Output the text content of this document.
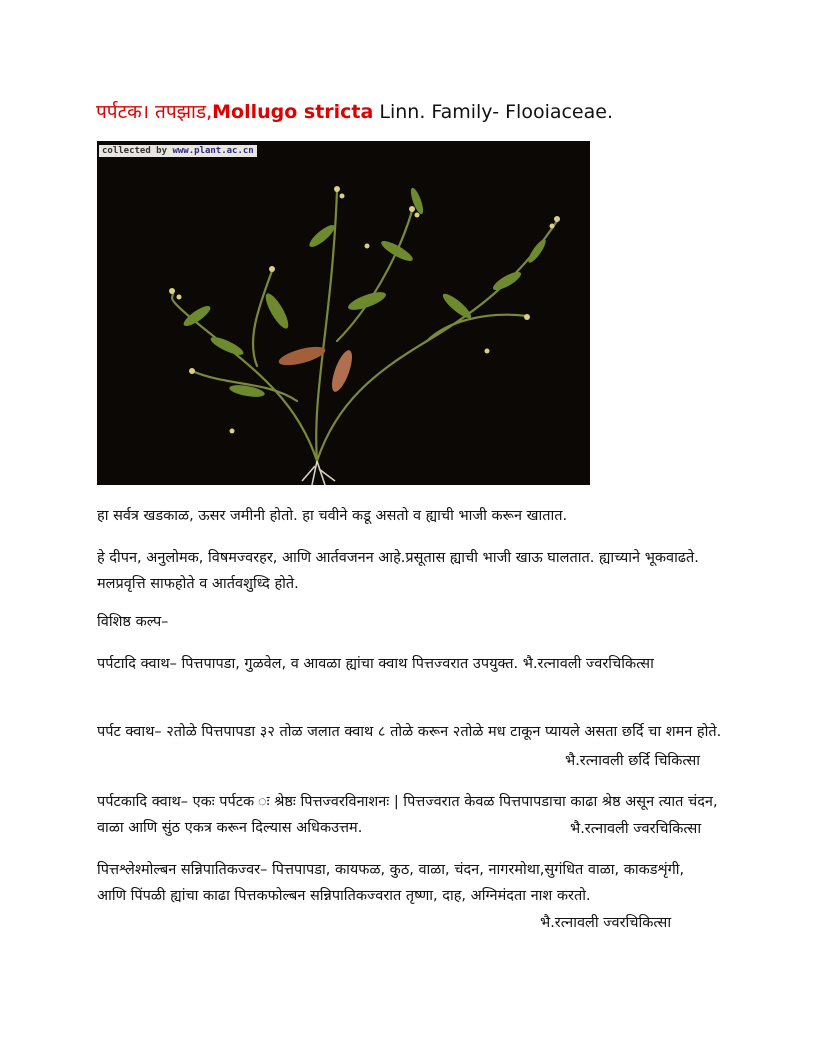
पर्पटक। तपझाड,Mollugo stricta Linn. Family- Flooiaceae.
collected by www.plant.ac.cn

हा सर्वत्र खडकाळ, ऊसर जमीनी होतो. हा चवीने कडू असतो व ह्याची भाजी करून खातात.

हे दीपन, अनुलोमक, विषमज्वरहर, आणि आर्तवजनन आहे.प्रसूतास ह्याची भाजी खाऊ घालतात. ह्याच्याने भूकवाढते. मलप्रवृत्ति साफहोते व आर्तवशुध्दि होते.

विशिष्ठ कल्प–

पर्पटादि क्वाथ– पित्तपापडा, गुळवेल, व आवळा ह्यांचा क्वाथ पित्तज्वरात उपयुक्त. भै.रत्नावली ज्वरचिकित्सा

पर्पट क्वाथ– २तोळे पित्तपापडा ३२ तोळ जलात क्वाथ ८ तोळे करून २तोळे मध टाकून प्यायले असता छर्दि चा शमन होते.

भै.रत्नावली छर्दि चिकित्सा

पर्पटकादि क्वाथ– एकः पर्पटक ः श्रेष्ठः पित्तज्वरविनाशनः | पित्तज्वरात केवळ पित्तपापडाचा काढा श्रेष्ठ असून त्यात चंदन, वाळा आणि सुंठ एकत्र करून दिल्यास अधिकउत्तम.	भै.रत्नावली ज्वरचिकित्सा

पित्तश्लेश्मोल्बन सन्निपातिकज्वर– पित्तपापडा, कायफळ, कुठ, वाळा, चंदन, नागरमोथा,सुगंधित वाळा, काकडशृंगी, आणि पिंपळी ह्यांचा काढा पित्तकफोल्बन सन्निपातिकज्वरात तृष्णा, दाह, अग्निमंदता नाश करतो.

भै.रत्नावली ज्वरचिकित्सा
